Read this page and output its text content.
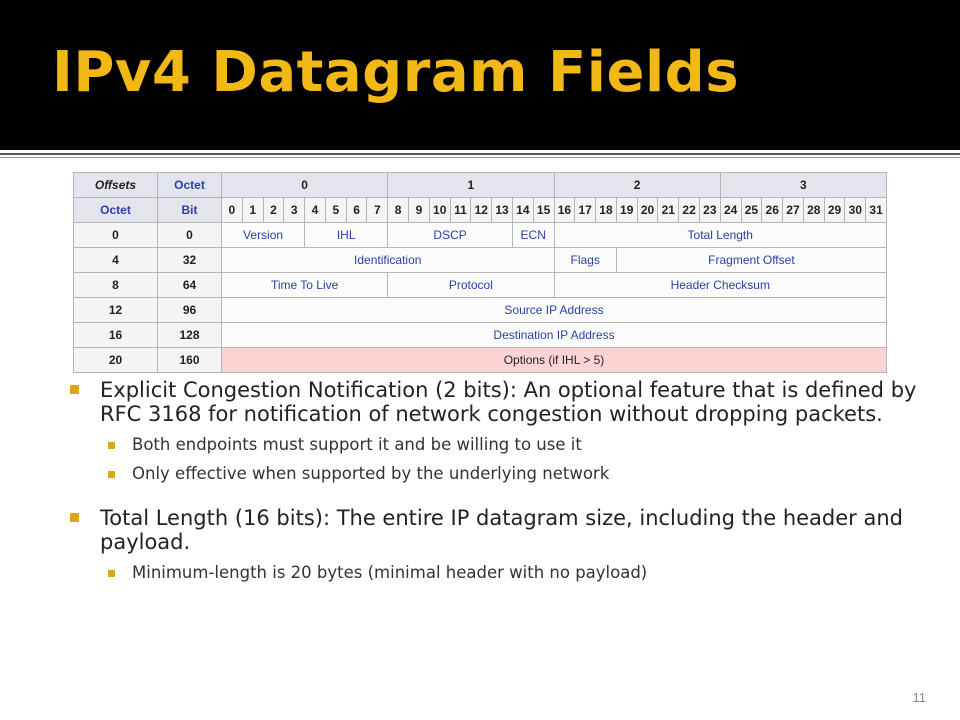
IPv4 Datagram Fields
Offsets	Octet	0								1								2								3							
Octet	Bit	0	1	2	3	4	5	6	7	8	9	10	11	12	13	14	15	16	17	18	19	20	21	22	23	24	25	26	27	28	29	30	31
0	0	Version				IHL				DSCP						ECN		Total Length															
4	32	Identification																Flags			Fragment Offset												
8	64	Time To Live								Protocol								Header Checksum															
12	96	Source IP Address																															
16	128	Destination IP Address																															
20	160	Options (if IHL > 5)																															
Explicit Congestion Notification (2 bits): An optional feature that is defined by RFC 3168 for notification of network congestion without dropping packets.
Both endpoints must support it and be willing to use it
Only effective when supported by the underlying network
Total Length (16 bits): The entire IP datagram size, including the header and payload.
Minimum-length is 20 bytes (minimal header with no payload)
11
